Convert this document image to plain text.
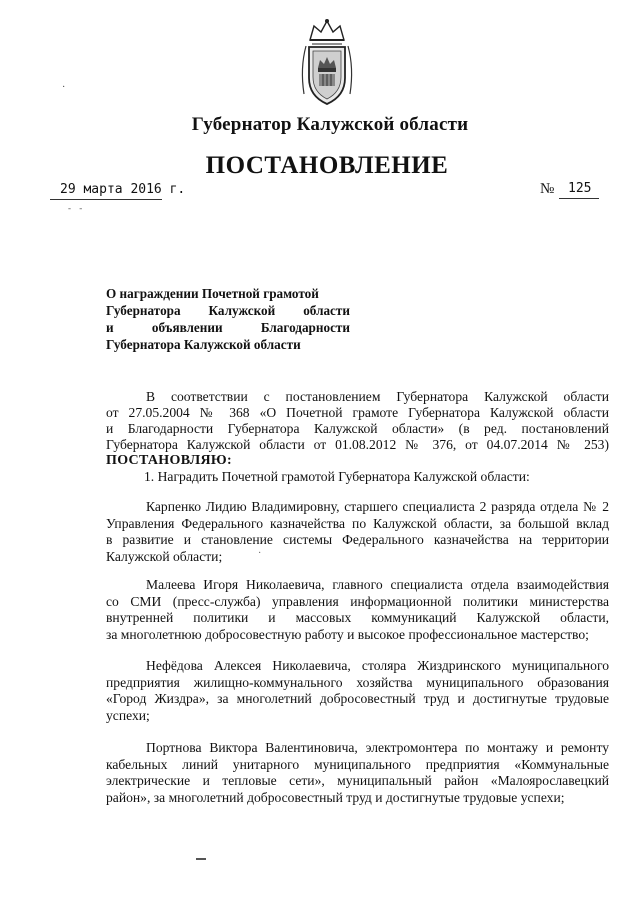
·
Губернатор Калужской области
ПОСТАНОВЛЕНИЕ
29 марта 2016 г.
- -
№ 125
О награждении Почетной грамотой
Губернатора Калужской области
и объявлении Благодарности
Губернатора Калужской области
В соответствии с постановлением Губернатора Калужской области
от 27.05.2004 № 368 «О Почетной грамоте Губернатора Калужской области
и Благодарности Губернатора Калужской области» (в ред. постановлений
Губернатора Калужской области от 01.08.2012 № 376, от 04.07.2014 № 253)
ПОСТАНОВЛЯЮ:
1. Наградить Почетной грамотой Губернатора Калужской области:
Карпенко Лидию Владимировну, старшего специалиста 2 разряда отдела № 2
Управления Федерального казначейства по Калужской области, за большой вклад
в развитие и становление системы Федерального казначейства на территории
Калужской области;	·
Малеева Игоря Николаевича, главного специалиста отдела взаимодействия
со СМИ (пресс-служба) управления информационной политики министерства
внутренней политики и массовых коммуникаций Калужской области,
за многолетнюю добросовестную работу и высокое профессиональное мастерство;
Нефёдова Алексея Николаевича, столяра Жиздринского муниципального
предприятия жилищно-коммунального хозяйства муниципального образования
«Город Жиздра», за многолетний добросовестный труд и достигнутые трудовые
успехи;
Портнова Виктора Валентиновича, электромонтера по монтажу и ремонту
кабельных линий унитарного муниципального предприятия «Коммунальные
электрические и тепловые сети», муниципальный район «Малоярославецкий
район», за многолетний добросовестный труд и достигнутые трудовые успехи;
